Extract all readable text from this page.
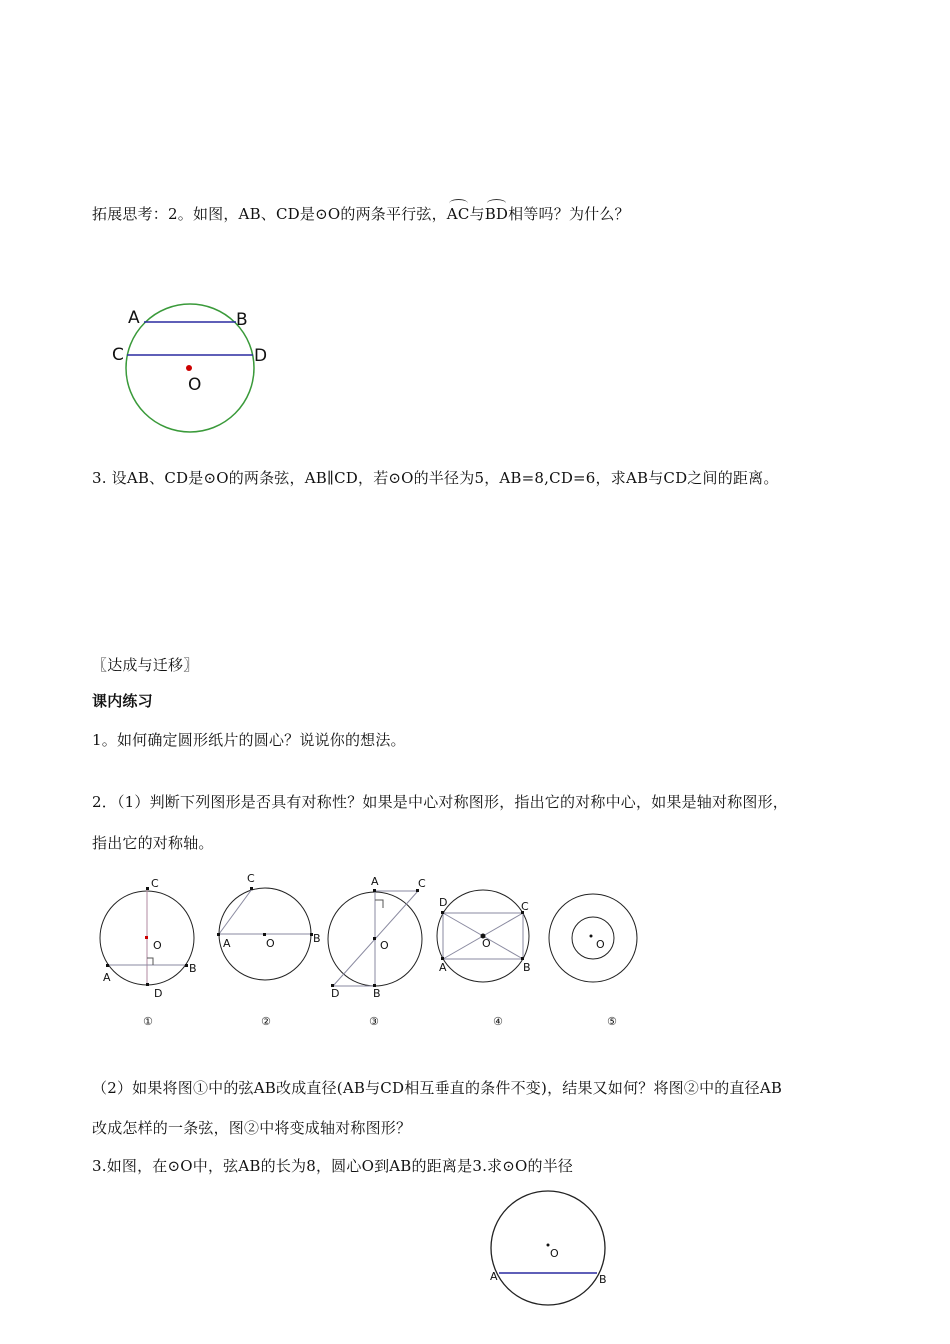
拓展思考：2。如图，AB、CD是⊙O的两条平行弦，AC与BD相等吗？为什么？
A	B
C	D
O
3. 设AB、CD是⊙O的两条弦，AB∥CD，若⊙O的半径为5，AB=8,CD=6，求AB与CD之间的距离。
〖达成与迁移〗
课内练习
1。如何确定圆形纸片的圆心？说说你的想法。
2．（1）判断下列图形是否具有对称性？如果是中心对称图形，指出它的对称中心，如果是轴对称图形，
指出它的对称轴。
C
O
A
B
D
①
C
A	O	B
②
A	C
O
D	B
③
D	C
O
A	B
④
O
⑤
（2）如果将图①中的弦AB改成直径(AB与CD相互垂直的条件不变)，结果又如何？将图②中的直径AB
改成怎样的一条弦，图②中将变成轴对称图形？
3.如图，在⊙O中，弦AB的长为8，圆心O到AB的距离是3.求⊙O的半径
O
A	B
